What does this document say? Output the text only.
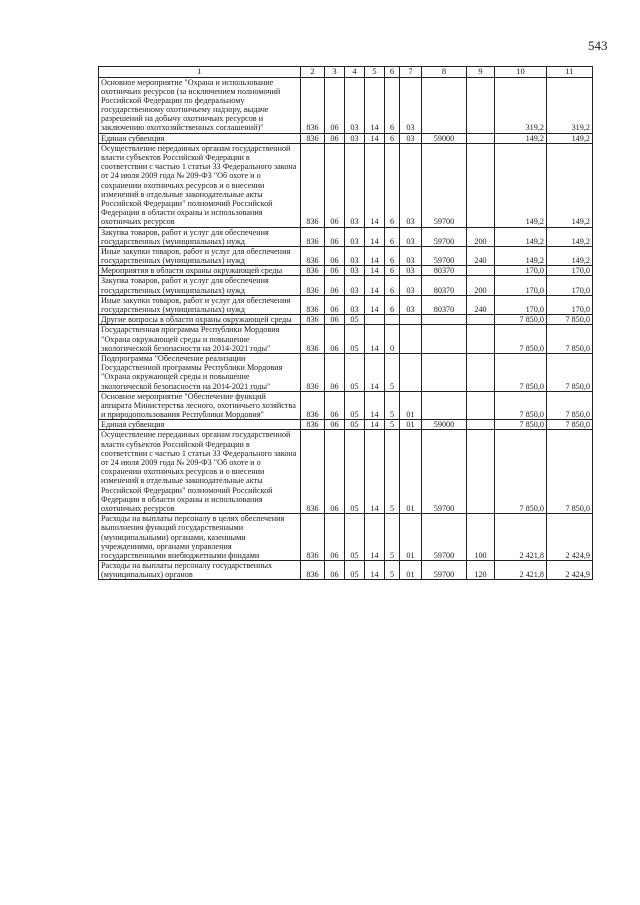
543
1	2	3	4	5	6	7	8	9	10	11
Основное мероприятие "Охрана и использование охотничьих ресурсов (за исключением полномочий Российской Федерации по федеральному государственному охотничьему надзору, выдаче разрешений на добычу охотничьих ресурсов и заключению охотхозяйственных соглашений)"	836	06	03	14	6	03			319,2	319,2
Единая субвенция	836	06	03	14	6	03	59000		149,2	149,2
Осуществление переданных органам государственной власти субъектов Российской Федерации в соответствии с частью 1 статьи 33 Федерального закона от 24 июля 2009 года № 209-ФЗ "Об охоте и о сохранении охотничьих ресурсов и о внесении изменений в отдельные законодательные акты Российской Федерации" полномочий Российской Федерации в области охраны и использования охотничьих ресурсов	836	06	03	14	6	03	59700		149,2	149,2
Закупка товаров, работ и услуг для обеспечения государственных (муниципальных) нужд	836	06	03	14	6	03	59700	200	149,2	149,2
Иные закупки товаров, работ и услуг для обеспечения государственных (муниципальных) нужд	836	06	03	14	6	03	59700	240	149,2	149,2
Мероприятия в области охраны окружающей среды	836	06	03	14	6	03	80370		170,0	170,0
Закупка товаров, работ и услуг для обеспечения государственных (муниципальных) нужд	836	06	03	14	6	03	80370	200	170,0	170,0
Иные закупки товаров, работ и услуг для обеспечения государственных (муниципальных) нужд	836	06	03	14	6	03	80370	240	170,0	170,0
Другие вопросы в области охраны окружающей среды	836	06	05						7 850,0	7 850,0
Государственная программа Республики Мордовия "Охрана окружающей среды и повышение экологической безопасности на 2014-2021 годы"	836	06	05	14	0				7 850,0	7 850,0
Подпрограмма "Обеспечение реализации Государственной программы Республики Мордовия "Охрана окружающей среды и повышение экологической безопасности на 2014-2021 годы"	836	06	05	14	5				7 850,0	7 850,0
Основное мероприятие "Обеспечение функций аппарата Министерства лесного, охотничьего хозяйства и природопользования Республики Мордовия"	836	06	05	14	5	01			7 850,0	7 850,0
Единая субвенция	836	06	05	14	5	01	59000		7 850,0	7 850,0
Осуществление переданных органам государственной власти субъектов Российской Федерации в соответствии с частью 1 статьи 33 Федерального закона от 24 июля 2009 года № 209-ФЗ "Об охоте и о сохранении охотничьих ресурсов и о внесении изменений в отдельные законодательные акты Российской Федерации" полномочий Российской Федерации в области охраны и использования охотничьих ресурсов	836	06	05	14	5	01	59700		7 850,0	7 850,0
Расходы на выплаты персоналу в целях обеспечения выполнения функций государственными (муниципальными) органами, казенными учреждениями, органами управления государственными внебюджетными фондами	836	06	05	14	5	01	59700	100	2 421,8	2 424,9
Расходы на выплаты персоналу государственных (муниципальных) органов	836	06	05	14	5	01	59700	120	2 421,8	2 424,9
